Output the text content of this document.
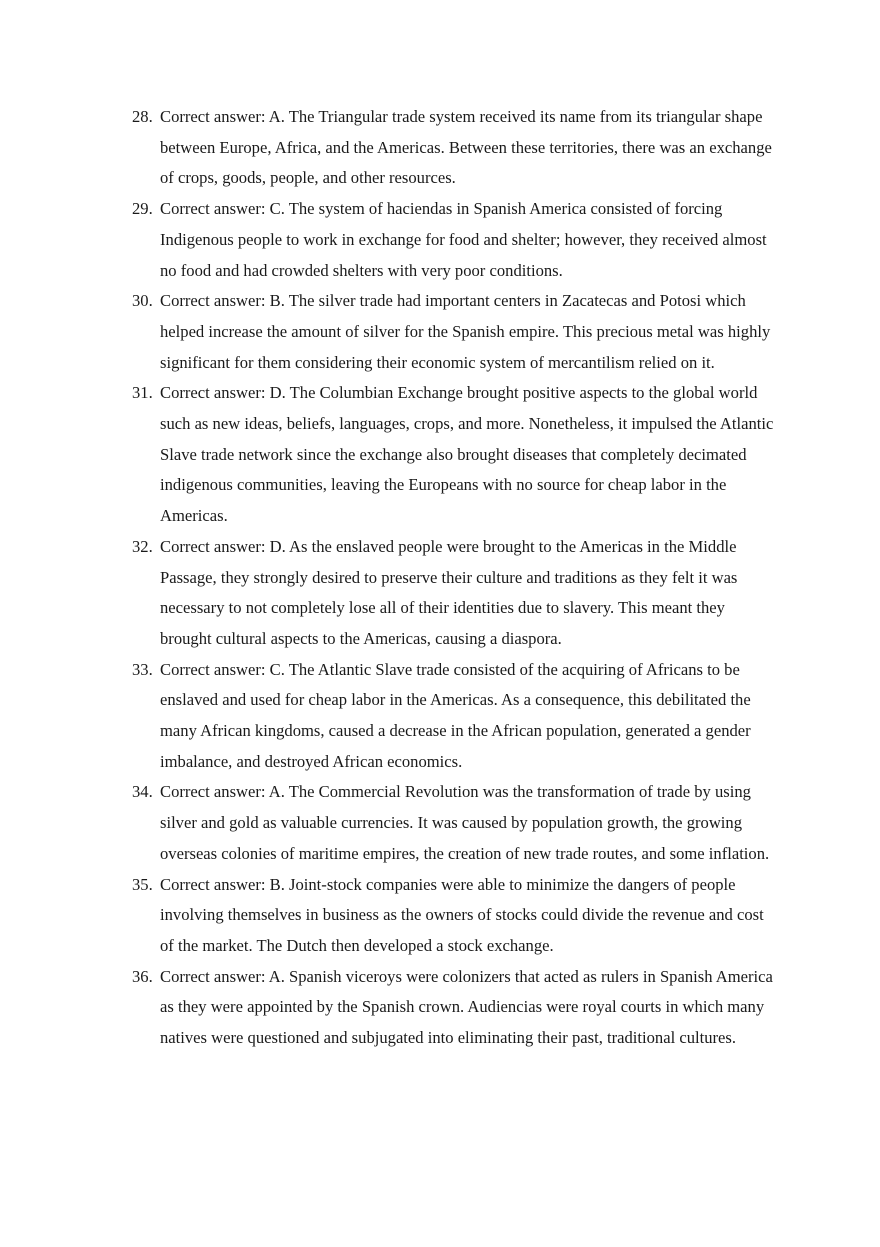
28. Correct answer: A. The Triangular trade system received its name from its triangular shape between Europe, Africa, and the Americas. Between these territories, there was an exchange of crops, goods, people, and other resources.
29. Correct answer: C. The system of haciendas in Spanish America consisted of forcing Indigenous people to work in exchange for food and shelter; however, they received almost no food and had crowded shelters with very poor conditions.
30. Correct answer: B. The silver trade had important centers in Zacatecas and Potosi which helped increase the amount of silver for the Spanish empire. This precious metal was highly significant for them considering their economic system of mercantilism relied on it.
31. Correct answer: D. The Columbian Exchange brought positive aspects to the global world such as new ideas, beliefs, languages, crops, and more. Nonetheless, it impulsed the Atlantic Slave trade network since the exchange also brought diseases that completely decimated indigenous communities, leaving the Europeans with no source for cheap labor in the Americas.
32. Correct answer: D. As the enslaved people were brought to the Americas in the Middle Passage, they strongly desired to preserve their culture and traditions as they felt it was necessary to not completely lose all of their identities due to slavery. This meant they brought cultural aspects to the Americas, causing a diaspora.
33. Correct answer: C. The Atlantic Slave trade consisted of the acquiring of Africans to be enslaved and used for cheap labor in the Americas. As a consequence, this debilitated the many African kingdoms, caused a decrease in the African population, generated a gender imbalance, and destroyed African economics.
34. Correct answer: A. The Commercial Revolution was the transformation of trade by using silver and gold as valuable currencies. It was caused by population growth, the growing overseas colonies of maritime empires, the creation of new trade routes, and some inflation.
35. Correct answer: B. Joint-stock companies were able to minimize the dangers of people involving themselves in business as the owners of stocks could divide the revenue and cost of the market. The Dutch then developed a stock exchange.
36. Correct answer: A. Spanish viceroys were colonizers that acted as rulers in Spanish America as they were appointed by the Spanish crown. Audiencias were royal courts in which many natives were questioned and subjugated into eliminating their past, traditional cultures.
